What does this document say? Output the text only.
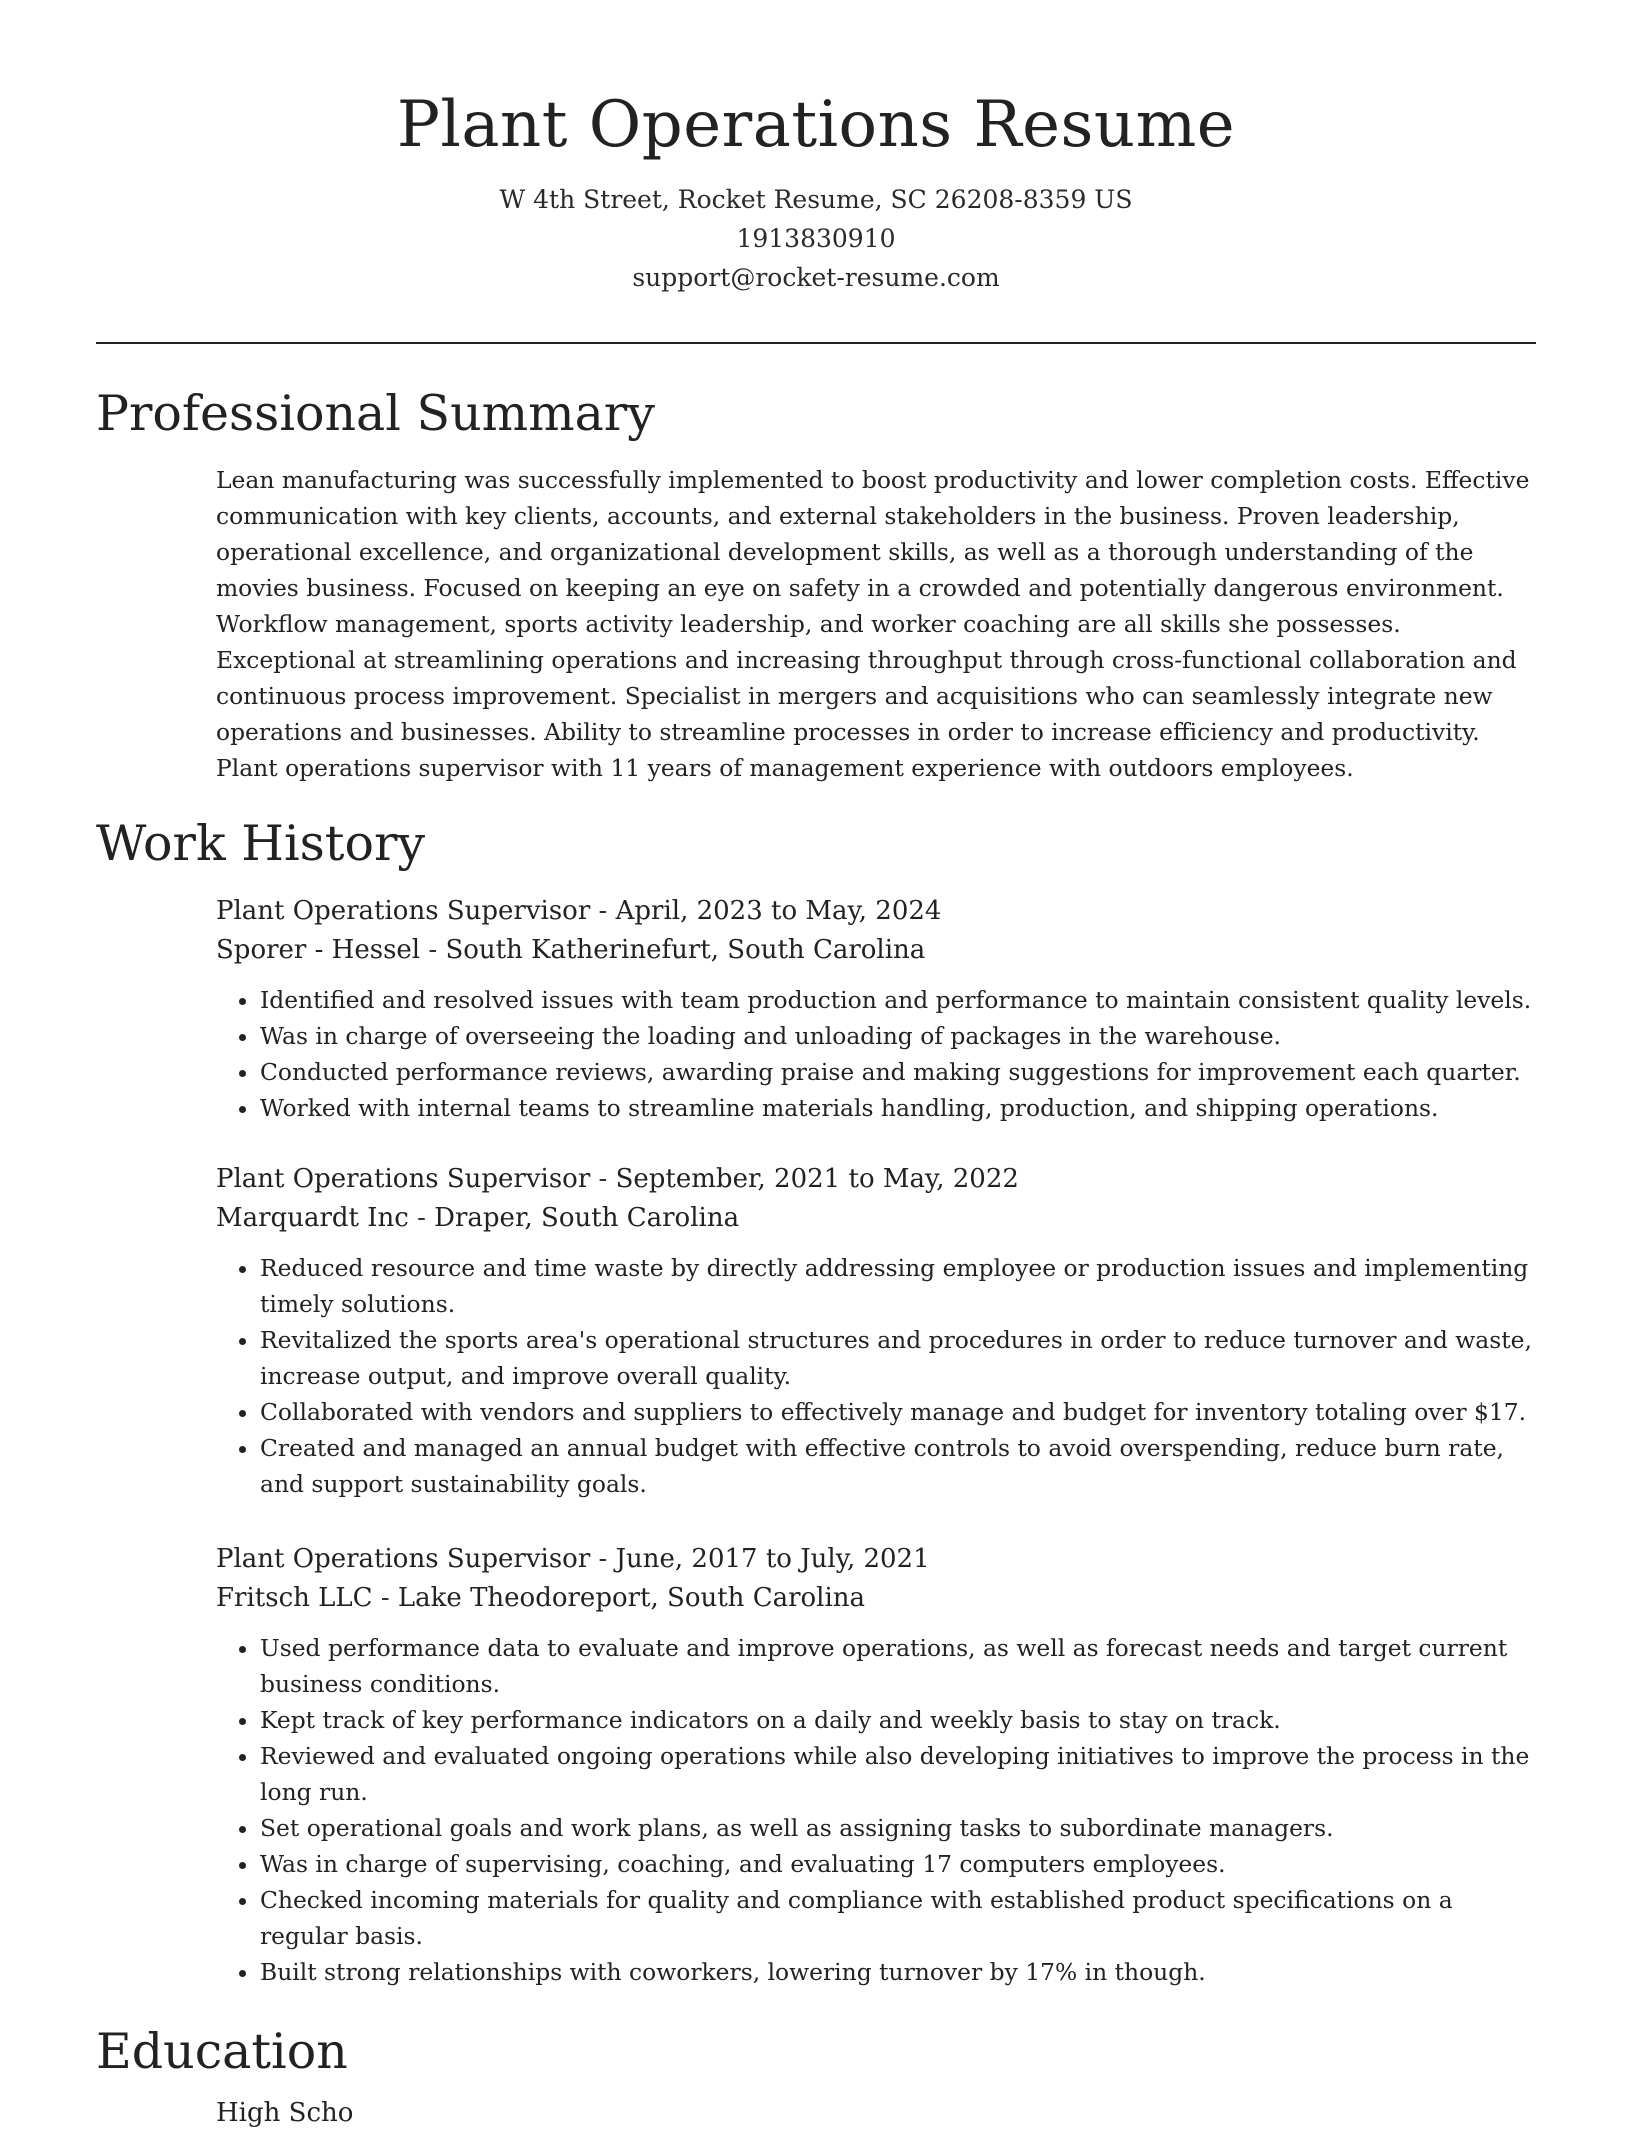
Plant Operations Resume
W 4th Street, Rocket Resume, SC 26208-8359 US
1913830910
support@rocket-resume.com
Professional Summary
Lean manufacturing was successfully implemented to boost productivity and lower completion costs. Effective communication with key clients, accounts, and external stakeholders in the business. Proven leadership, operational excellence, and organizational development skills, as well as a thorough understanding of the movies business. Focused on keeping an eye on safety in a crowded and potentially dangerous environment. Workflow management, sports activity leadership, and worker coaching are all skills she possesses. Exceptional at streamlining operations and increasing throughput through cross-functional collaboration and continuous process improvement. Specialist in mergers and acquisitions who can seamlessly integrate new operations and businesses. Ability to streamline processes in order to increase efficiency and productivity. Plant operations supervisor with 11 years of management experience with outdoors employees.
Work History
Plant Operations Supervisor - April, 2023 to May, 2024
Sporer - Hessel - South Katherinefurt, South Carolina
• Identified and resolved issues with team production and performance to maintain consistent quality levels.
• Was in charge of overseeing the loading and unloading of packages in the warehouse.
• Conducted performance reviews, awarding praise and making suggestions for improvement each quarter.
• Worked with internal teams to streamline materials handling, production, and shipping operations.
Plant Operations Supervisor - September, 2021 to May, 2022
Marquardt Inc - Draper, South Carolina
• Reduced resource and time waste by directly addressing employee or production issues and implementing timely solutions.
• Revitalized the sports area's operational structures and procedures in order to reduce turnover and waste, increase output, and improve overall quality.
• Collaborated with vendors and suppliers to effectively manage and budget for inventory totaling over $17.
• Created and managed an annual budget with effective controls to avoid overspending, reduce burn rate, and support sustainability goals.
Plant Operations Supervisor - June, 2017 to July, 2021
Fritsch LLC - Lake Theodoreport, South Carolina
• Used performance data to evaluate and improve operations, as well as forecast needs and target current business conditions.
• Kept track of key performance indicators on a daily and weekly basis to stay on track.
• Reviewed and evaluated ongoing operations while also developing initiatives to improve the process in the long run.
• Set operational goals and work plans, as well as assigning tasks to subordinate managers.
• Was in charge of supervising, coaching, and evaluating 17 computers employees.
• Checked incoming materials for quality and compliance with established product specifications on a regular basis.
• Built strong relationships with coworkers, lowering turnover by 17% in though.
Education
High Scho
